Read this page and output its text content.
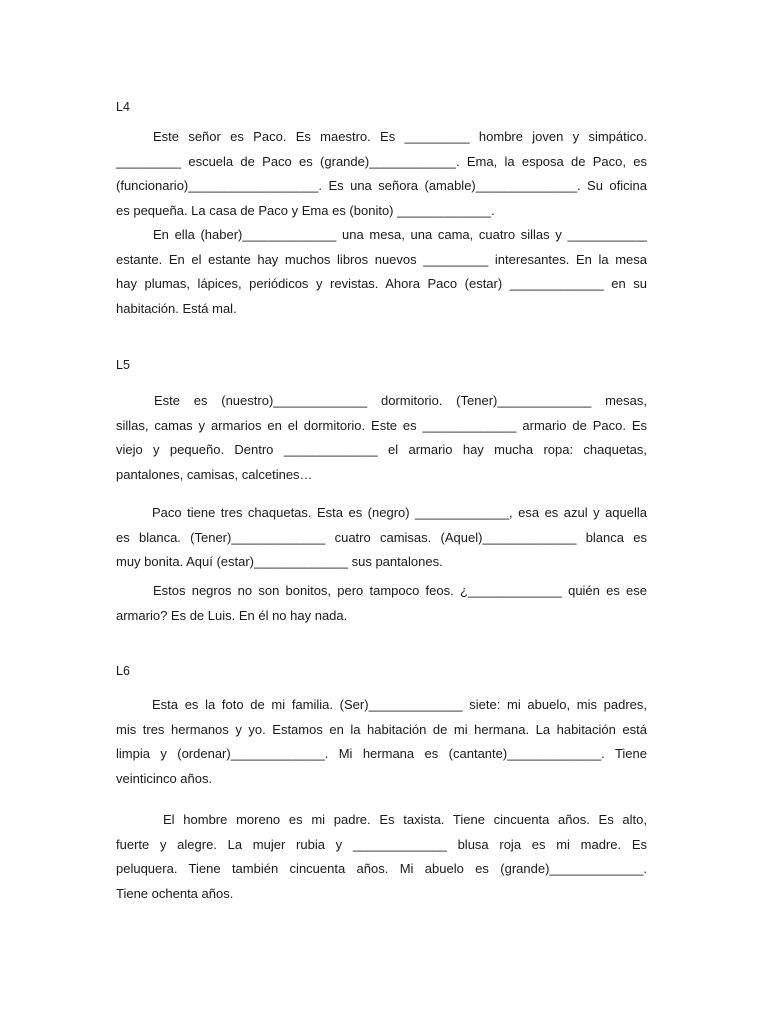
L4

Este señor es Paco. Es maestro. Es _________ hombre joven y simpático.
_________ escuela de Paco es (grande)____________. Ema, la esposa de Paco, es
(funcionario)__________________. Es una señora (amable)______________. Su oficina
es pequeña. La casa de Paco y Ema es (bonito) _____________.

En ella (haber)_____________ una mesa, una cama, cuatro sillas y ___________
estante. En el estante hay muchos libros nuevos _________ interesantes. En la mesa
hay plumas, lápices, periódicos y revistas. Ahora Paco (estar) _____________ en su
habitación. Está mal.

L5

Este es (nuestro)_____________ dormitorio. (Tener)_____________ mesas,
sillas, camas y armarios en el dormitorio. Este es _____________ armario de Paco. Es
viejo y pequeño. Dentro _____________ el armario hay mucha ropa: chaquetas,
pantalones, camisas, calcetines…

Paco tiene tres chaquetas. Esta es (negro) _____________, esa es azul y aquella
es blanca. (Tener)_____________ cuatro camisas. (Aquel)_____________ blanca es
muy bonita. Aquí (estar)_____________ sus pantalones.

Estos negros no son bonitos, pero tampoco feos. ¿_____________ quién es ese
armario? Es de Luis. En él no hay nada.

L6

Esta es la foto de mi familia. (Ser)_____________ siete: mi abuelo, mis padres,
mis tres hermanos y yo. Estamos en la habitación de mi hermana. La habitación está
limpia y (ordenar)_____________. Mi hermana es (cantante)_____________. Tiene
veinticinco años.

El hombre moreno es mi padre. Es taxista. Tiene cincuenta años. Es alto,
fuerte y alegre. La mujer rubia y _____________ blusa roja es mi madre. Es
peluquera. Tiene también cincuenta años. Mi abuelo es (grande)_____________.
Tiene ochenta años.
